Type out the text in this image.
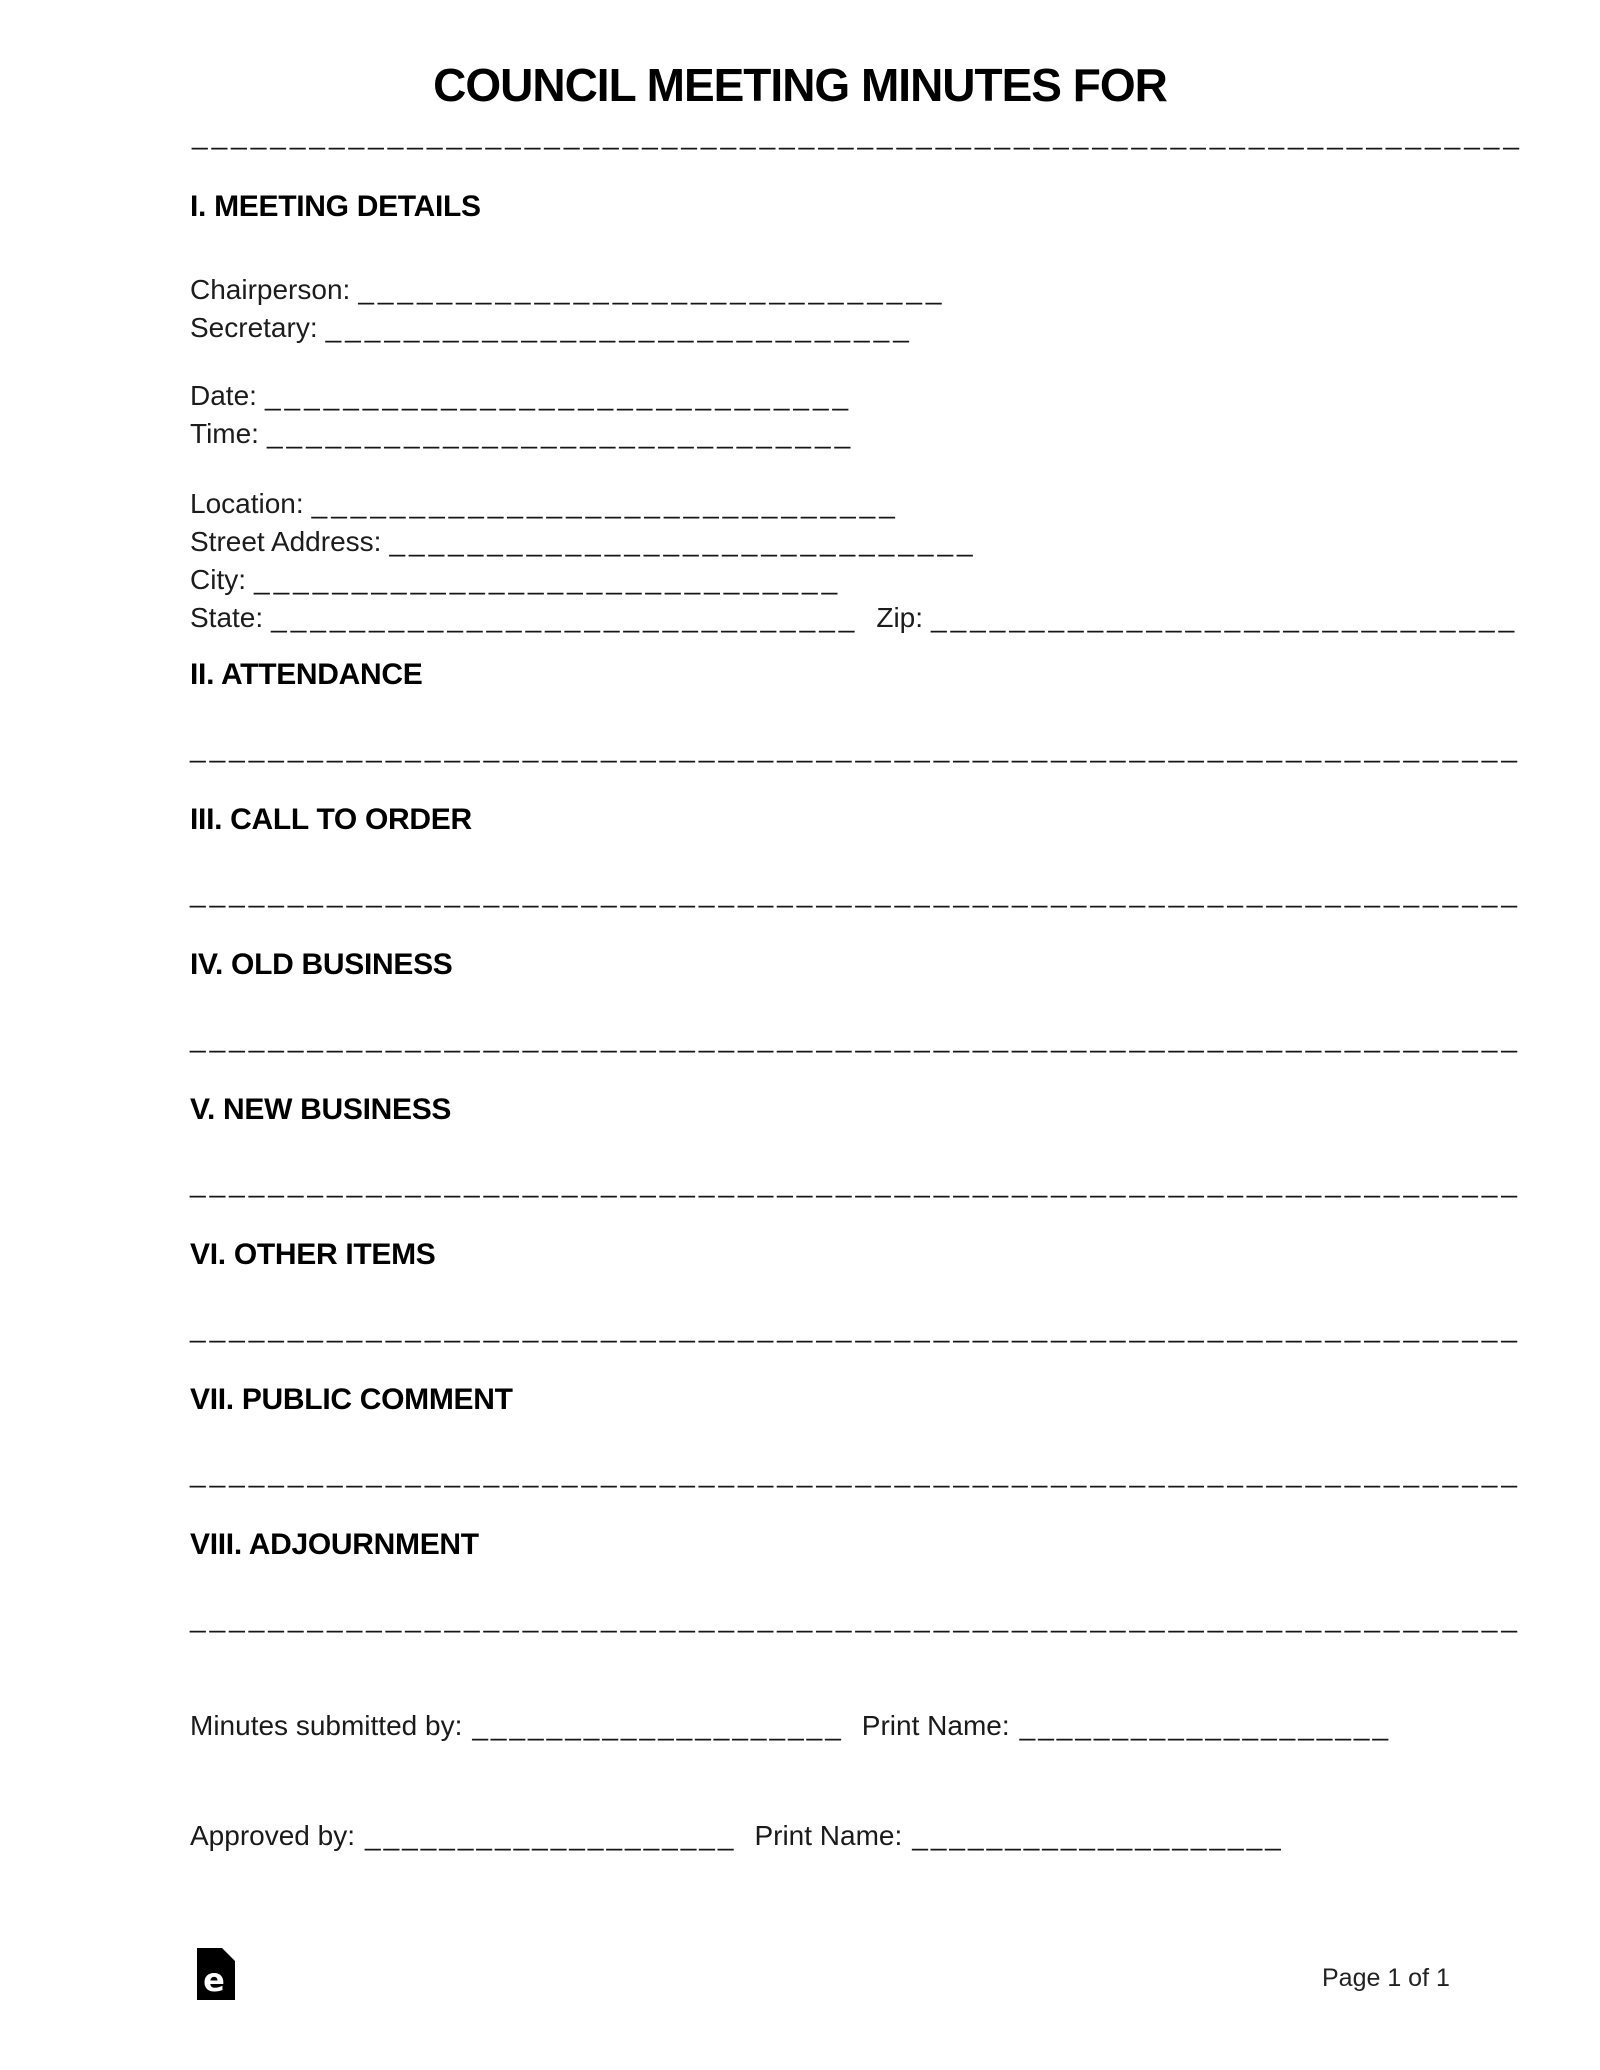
COUNCIL MEETING MINUTES FOR
____________________________________________________________________
I. MEETING DETAILS
Chairperson: ______________________________
Secretary: ______________________________
Date: ______________________________
Time: ______________________________
Location: ______________________________
Street Address: ______________________________
City: ______________________________
State: ______________________________ Zip: ______________________________
II. ATTENDANCE
____________________________________________________________________
III. CALL TO ORDER
____________________________________________________________________
IV. OLD BUSINESS
____________________________________________________________________
V. NEW BUSINESS
____________________________________________________________________
VI. OTHER ITEMS
____________________________________________________________________
VII. PUBLIC COMMENT
____________________________________________________________________
VIII. ADJOURNMENT
____________________________________________________________________
Minutes submitted by: ____________________ Print Name: ____________________
Approved by: ____________________ Print Name: ____________________
e	Page 1 of 1
